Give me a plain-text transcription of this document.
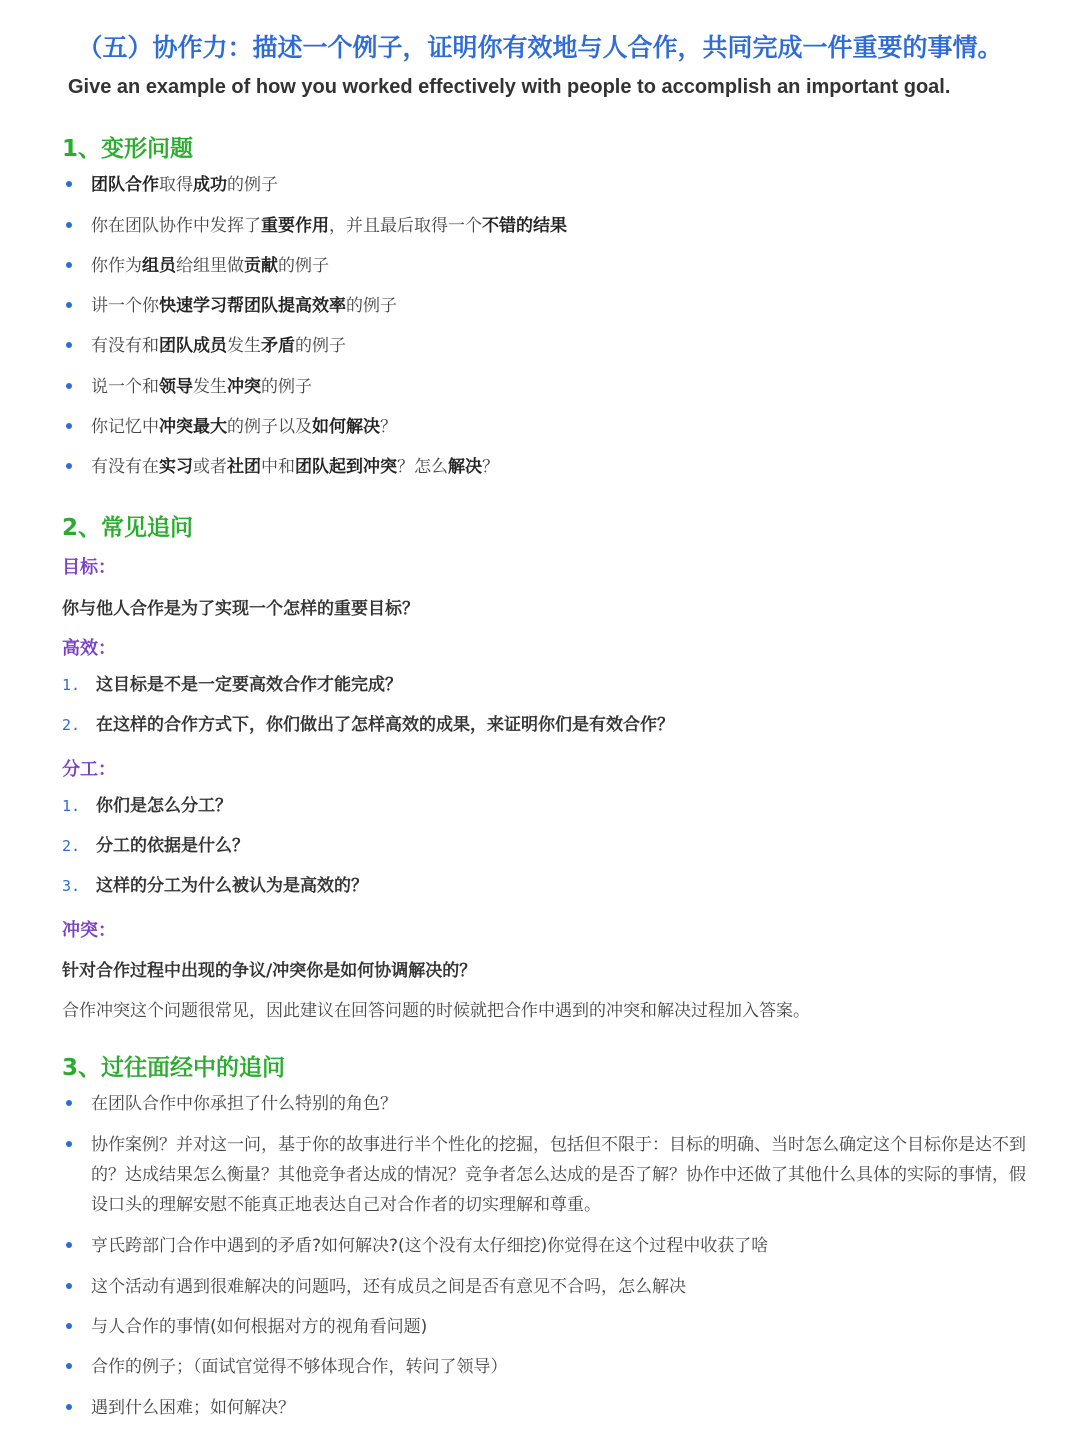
（五）协作力：描述一个例子，证明你有效地与人合作，共同完成一件重要的事情。
Give an example of how you worked effectively with people to accomplish an important goal.
1、变形问题
团队合作取得成功的例子
你在团队协作中发挥了重要作用，并且最后取得一个不错的结果
你作为组员给组里做贡献的例子
讲一个你快速学习帮团队提高效率的例子
有没有和团队成员发生矛盾的例子
说一个和领导发生冲突的例子
你记忆中冲突最大的例子以及如何解决？
有没有在实习或者社团中和团队起到冲突？怎么解决？
2、常见追问
目标：
你与他人合作是为了实现一个怎样的重要目标？
高效：
1. 这目标是不是一定要高效合作才能完成？
2. 在这样的合作方式下，你们做出了怎样高效的成果，来证明你们是有效合作？
分工：
1. 你们是怎么分工？
2. 分工的依据是什么？
3. 这样的分工为什么被认为是高效的？
冲突：
针对合作过程中出现的争议/冲突你是如何协调解决的？
合作冲突这个问题很常见，因此建议在回答问题的时候就把合作中遇到的冲突和解决过程加入答案。
3、过往面经中的追问
在团队合作中你承担了什么特别的角色？
协作案例？并对这一问，基于你的故事进行半个性化的挖掘，包括但不限于：目标的明确、当时怎么确定这个目标你是达不到的？达成结果怎么衡量？其他竞争者达成的情况？竞争者怎么达成的是否了解？协作中还做了其他什么具体的实际的事情，假设口头的理解安慰不能真正地表达自己对合作者的切实理解和尊重。
亨氏跨部门合作中遇到的矛盾?如何解决?(这个没有太仔细挖)你觉得在这个过程中收获了啥
这个活动有遇到很难解决的问题吗，还有成员之间是否有意见不合吗，怎么解决
与人合作的事情(如何根据对方的视角看问题)
合作的例子；（面试官觉得不够体现合作，转问了领导）
遇到什么困难；如何解决？
